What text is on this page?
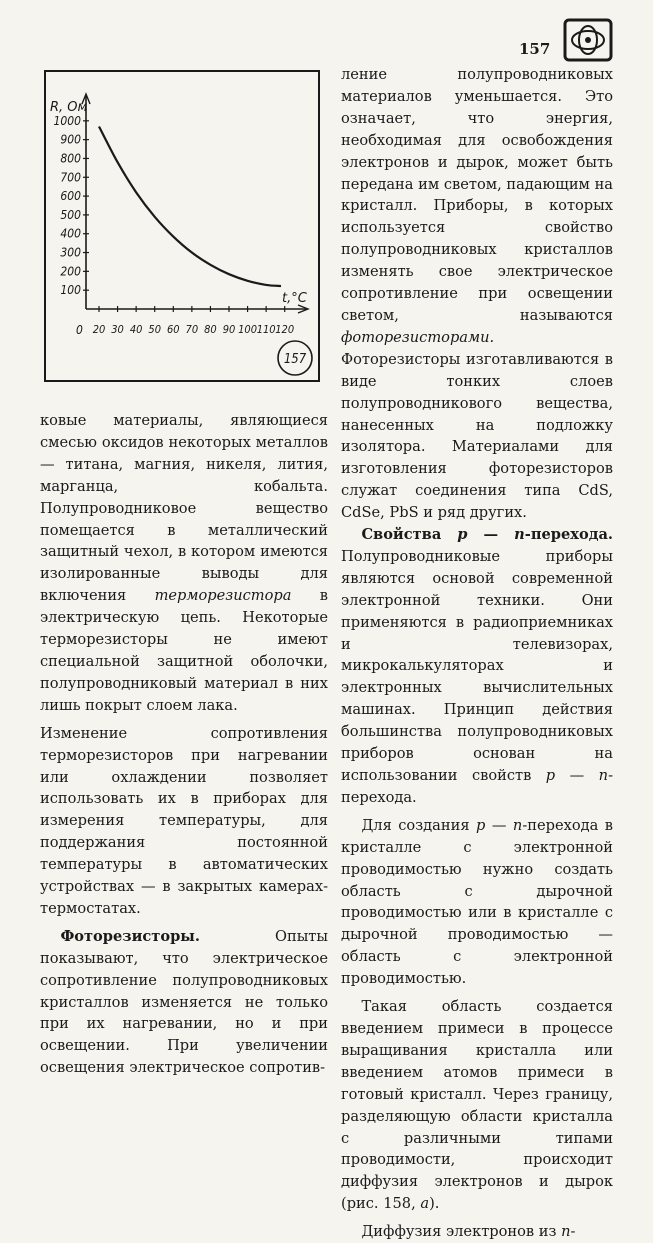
157
100
200
300
400
500
600
700
800
900
1000
20 30 40 50 60 70 80 90 100 110 120
R, Ом
t,°C
0
157

ковые материалы, являющиеся смесью оксидов некоторых металлов — титана, магния, никеля, лития, марганца, кобальта. Полупроводниковое вещество помещается в металлический защитный чехол, в котором имеются изолированные выводы для включения терморезистора в электрическую цепь. Некоторые терморезисторы не имеют специальной защитной оболочки, полупроводниковый материал в них лишь покрыт слоем лака.

Изменение сопротивления терморезисторов при нагревании или охлаждении позволяет использовать их в приборах для измерения температуры, для поддержания постоянной температуры в автоматических устройствах — в закрытых камерах-термостатах.

Фоторезисторы. Опыты показывают, что электрическое сопротивление полупроводниковых кристаллов изменяется не только при их нагревании, но и при освещении. При увеличении освещения электрическое сопротив-

ление полупроводниковых материалов уменьшается. Это означает, что энергия, необходимая для освобождения электронов и дырок, может быть передана им светом, падающим на кристалл. Приборы, в которых используется свойство полупроводниковых кристаллов изменять свое электрическое сопротивление при освещении светом, называются фоторезисторами. Фоторезисторы изготавливаются в виде тонких слоев полупроводникового вещества, нанесенных на подложку изолятора. Материалами для изготовления фоторезисторов служат соединения типа CdS, CdSe, PbS и ряд других.

Свойства p — n-перехода. Полупроводниковые приборы являются основой современной электронной техники. Они применяются в радиоприемниках и телевизорах, микрокалькуляторах и электронных вычислительных машинах. Принцип действия большинства полупроводниковых приборов основан на использовании свойств p — n-перехода.

Для создания p — n-перехода в кристалле с электронной проводимостью нужно создать область с дырочной проводимостью или в кристалле с дырочной проводимостью — область с электронной проводимостью.

Такая область создается введением примеси в процессе выращивания кристалла или введением атомов примеси в готовый кристалл. Через границу, разделяющую области кристалла с различными типами проводимости, происходит диффузия электронов и дырок (рис. 158, а).

Диффузия электронов из n-
